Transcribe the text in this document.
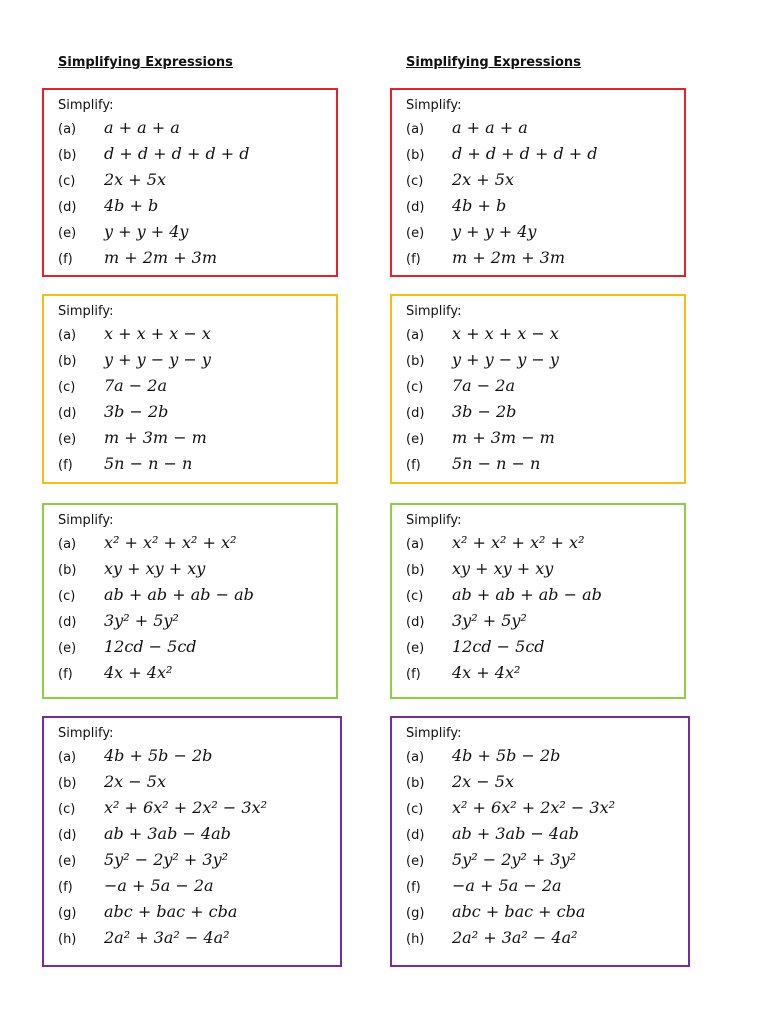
Simplifying Expressions
Simplify:
(a) a + a + a
(b) d + d + d + d + d
(c) 2x + 5x
(d) 4b + b
(e) y + y + 4y
(f) m + 2m + 3m
Simplify:
(a) x + x + x − x
(b) y + y − y − y
(c) 7a − 2a
(d) 3b − 2b
(e) m + 3m − m
(f) 5n − n − n
Simplify:
(a) x² + x² + x² + x²
(b) xy + xy + xy
(c) ab + ab + ab − ab
(d) 3y² + 5y²
(e) 12cd − 5cd
(f) 4x + 4x²
Simplify:
(a) 4b + 5b − 2b
(b) 2x − 5x
(c) x² + 6x² + 2x² − 3x²
(d) ab + 3ab − 4ab
(e) 5y² − 2y² + 3y²
(f) −a + 5a − 2a
(g) abc + bac + cba
(h) 2a² + 3a² − 4a²
Simplifying Expressions
Simplify:
(a) a + a + a
(b) d + d + d + d + d
(c) 2x + 5x
(d) 4b + b
(e) y + y + 4y
(f) m + 2m + 3m
Simplify:
(a) x + x + x − x
(b) y + y − y − y
(c) 7a − 2a
(d) 3b − 2b
(e) m + 3m − m
(f) 5n − n − n
Simplify:
(a) x² + x² + x² + x²
(b) xy + xy + xy
(c) ab + ab + ab − ab
(d) 3y² + 5y²
(e) 12cd − 5cd
(f) 4x + 4x²
Simplify:
(a) 4b + 5b − 2b
(b) 2x − 5x
(c) x² + 6x² + 2x² − 3x²
(d) ab + 3ab − 4ab
(e) 5y² − 2y² + 3y²
(f) −a + 5a − 2a
(g) abc + bac + cba
(h) 2a² + 3a² − 4a²
